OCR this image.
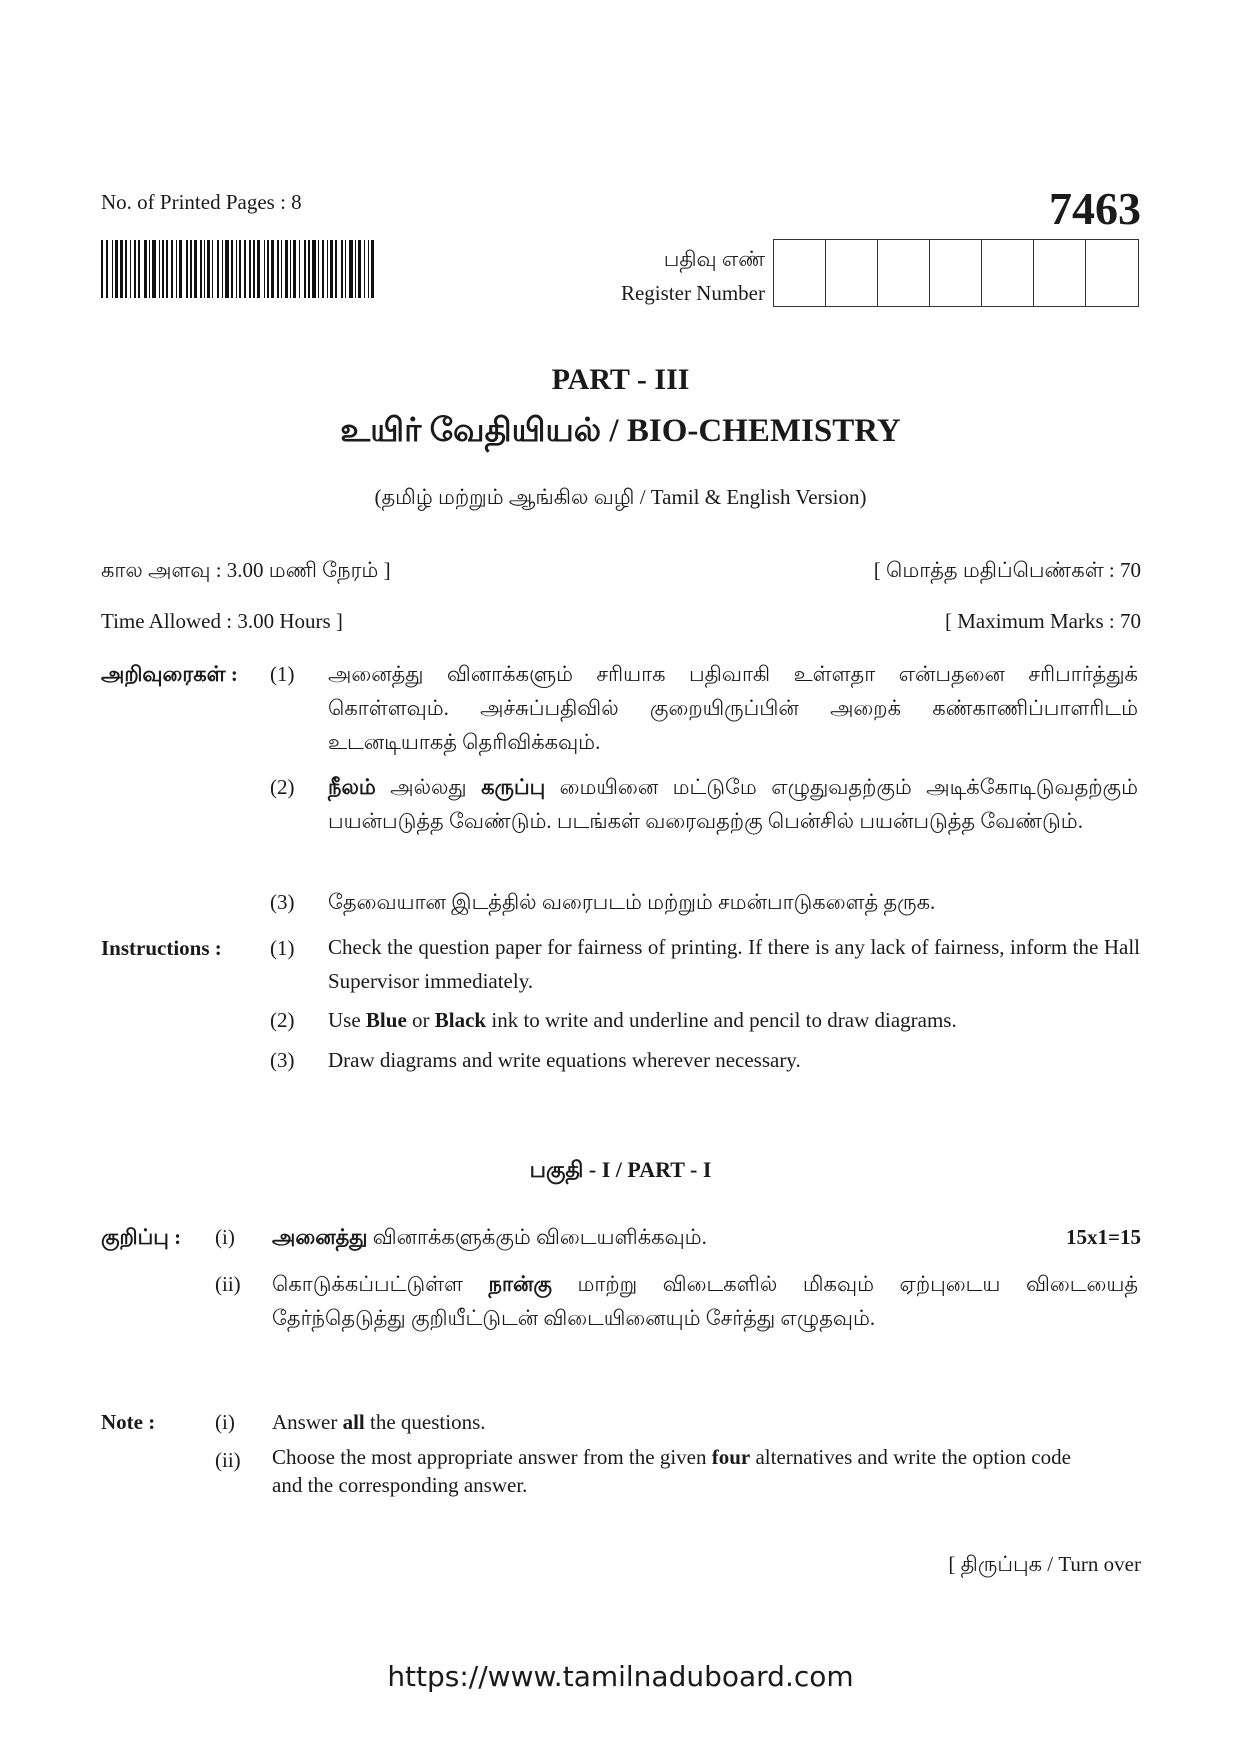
No. of Printed Pages : 8	7463
பதிவு எண்
Register Number
PART - III
உயிர் வேதியியல் / BIO-CHEMISTRY
(தமிழ் மற்றும் ஆங்கில வழி / Tamil & English Version)
கால அளவு : 3.00 மணி நேரம் ]	[ மொத்த மதிப்பெண்கள் : 70
Time Allowed : 3.00 Hours ]	[ Maximum Marks : 70
அறிவுரைகள் : (1) அனைத்து வினாக்களும் சரியாக பதிவாகி உள்ளதா என்பதனை சரிபார்த்துக் கொள்ளவும். அச்சுப்பதிவில் குறையிருப்பின் அறைக் கண்காணிப்பாளரிடம் உடனடியாகத் தெரிவிக்கவும்.
(2) நீலம் அல்லது கருப்பு மையினை மட்டுமே எழுதுவதற்கும் அடிக்கோடிடுவதற்கும் பயன்படுத்த வேண்டும். படங்கள் வரைவதற்கு பென்சில் பயன்படுத்த வேண்டும்.
(3) தேவையான இடத்தில் வரைபடம் மற்றும் சமன்பாடுகளைத் தருக.
Instructions : (1) Check the question paper for fairness of printing. If there is any lack of fairness, inform the Hall Supervisor immediately.
(2) Use Blue or Black ink to write and underline and pencil to draw diagrams.
(3) Draw diagrams and write equations wherever necessary.
பகுதி - I / PART - I
15x1=15
குறிப்பு : (i) அனைத்து வினாக்களுக்கும் விடையளிக்கவும்.
(ii) கொடுக்கப்பட்டுள்ள நான்கு மாற்று விடைகளில் மிகவும் ஏற்புடைய விடையைத் தேர்ந்தெடுத்து குறியீட்டுடன் விடையினையும் சேர்த்து எழுதவும்.
Note :	(i) Answer all the questions.
(ii) Choose the most appropriate answer from the given four alternatives and write the option code and the corresponding answer.
[ திருப்புக / Turn over
https://www.tamilnaduboard.com
